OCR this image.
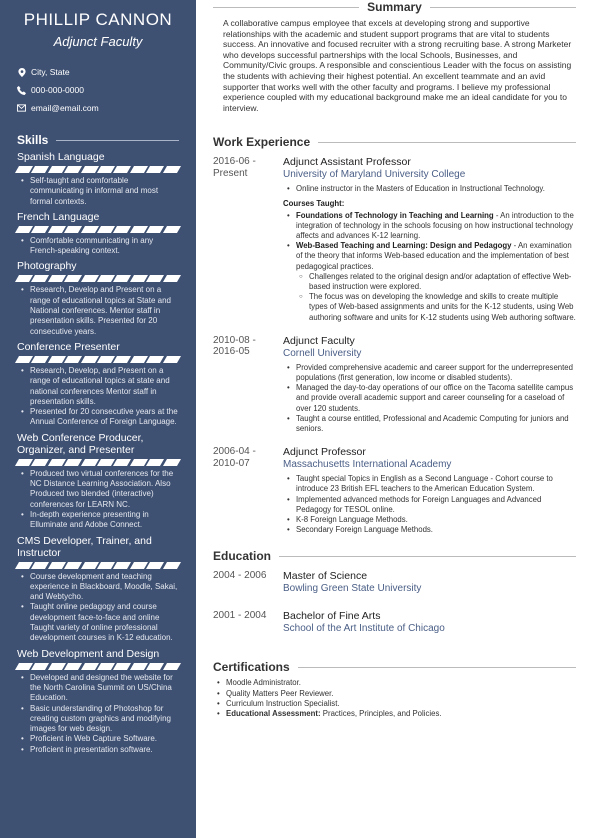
PHILLIP CANNON
Adjunct Faculty
City, State
000-000-0000
email@email.com
Skills
Spanish Language
• Self-taught and comfortable communicating in informal and most formal contexts.
French Language
• Comfortable communicating in any French-speaking context.
Photography
• Research, Develop and Present on a range of educational topics at State and National conferences. Mentor staff in presentation skills. Presented for 20 consecutive years.
Conference Presenter
• Research, Develop, and Present on a range of educational topics at state and national conferences Mentor staff in presentation skills.
• Presented for 20 consecutive years at the Annual Conference of Foreign Language.
Web Conference Producer, Organizer, and Presenter
• Produced two virtual conferences for the NC Distance Learning Association. Also Produced two blended (interactive) conferences for LEARN NC.
• In-depth experience presenting in Elluminate and Adobe Connect.
CMS Developer, Trainer, and Instructor
• Course development and teaching experience in Blackboard, Moodle, Sakai, and Webtycho.
• Taught online pedagogy and course development face-to-face and online Taught variety of online professional development courses in K-12 education.
Web Development and Design
• Developed and designed the website for the North Carolina Summit on US/China Education.
• Basic understanding of Photoshop for creating custom graphics and modifying images for web design.
• Proficient in Web Capture Software.
• Proficient in presentation software.
Summary
A collaborative campus employee that excels at developing strong and supportive relationships with the academic and student support programs that are vital to students success. An innovative and focused recruiter with a strong recruiting base. A strong Marketer who develops successful partnerships with the local Schools, Businesses, and Community/Civic groups. A responsible and conscientious Leader with the focus on assisting the students with achieving their highest potential. An excellent teammate and an avid supporter that works well with the other faculty and programs. I believe my professional experience coupled with my educational background make me an ideal candidate for you to interview.
Work Experience
2016-06 - Present
Adjunct Assistant Professor
University of Maryland University College
• Online instructor in the Masters of Education in Instructional Technology.
Courses Taught:
• Foundations of Technology in Teaching and Learning - An introduction to the integration of technology in the schools focusing on how instructional technology affects and advances K-12 learning.
• Web-Based Teaching and Learning: Design and Pedagogy - An examination of the theory that informs Web-based education and the implementation of best pedagogical practices.
○ Challenges related to the original design and/or adaptation of effective Web-based instruction were explored.
○ The focus was on developing the knowledge and skills to create multiple types of Web-based assignments and units for the K-12 students, using Web authoring software and units for K-12 students using Web authoring software.
2010-08 - 2016-05
Adjunct Faculty
Cornell University
• Provided comprehensive academic and career support for the underrepresented populations (first generation, low income or disabled students).
• Managed the day-to-day operations of our office on the Tacoma satellite campus and provide overall academic support and career counseling for a caseload of over 120 students.
• Taught a course entitled, Professional and Academic Computing for juniors and seniors.
2006-04 - 2010-07
Adjunct Professor
Massachusetts International Academy
• Taught special Topics in English as a Second Language - Cohort course to introduce 23 British EFL teachers to the American Education System.
• Implemented advanced methods for Foreign Languages and Advanced Pedagogy for TESOL online.
• K-8 Foreign Language Methods.
• Secondary Foreign Language Methods.
Education
2004 - 2006	Master of Science
Bowling Green State University
2001 - 2004	Bachelor of Fine Arts
School of the Art Institute of Chicago
Certifications
• Moodle Administrator.
• Quality Matters Peer Reviewer.
• Curriculum Instruction Specialist.
• Educational Assessment: Practices, Principles, and Policies.
